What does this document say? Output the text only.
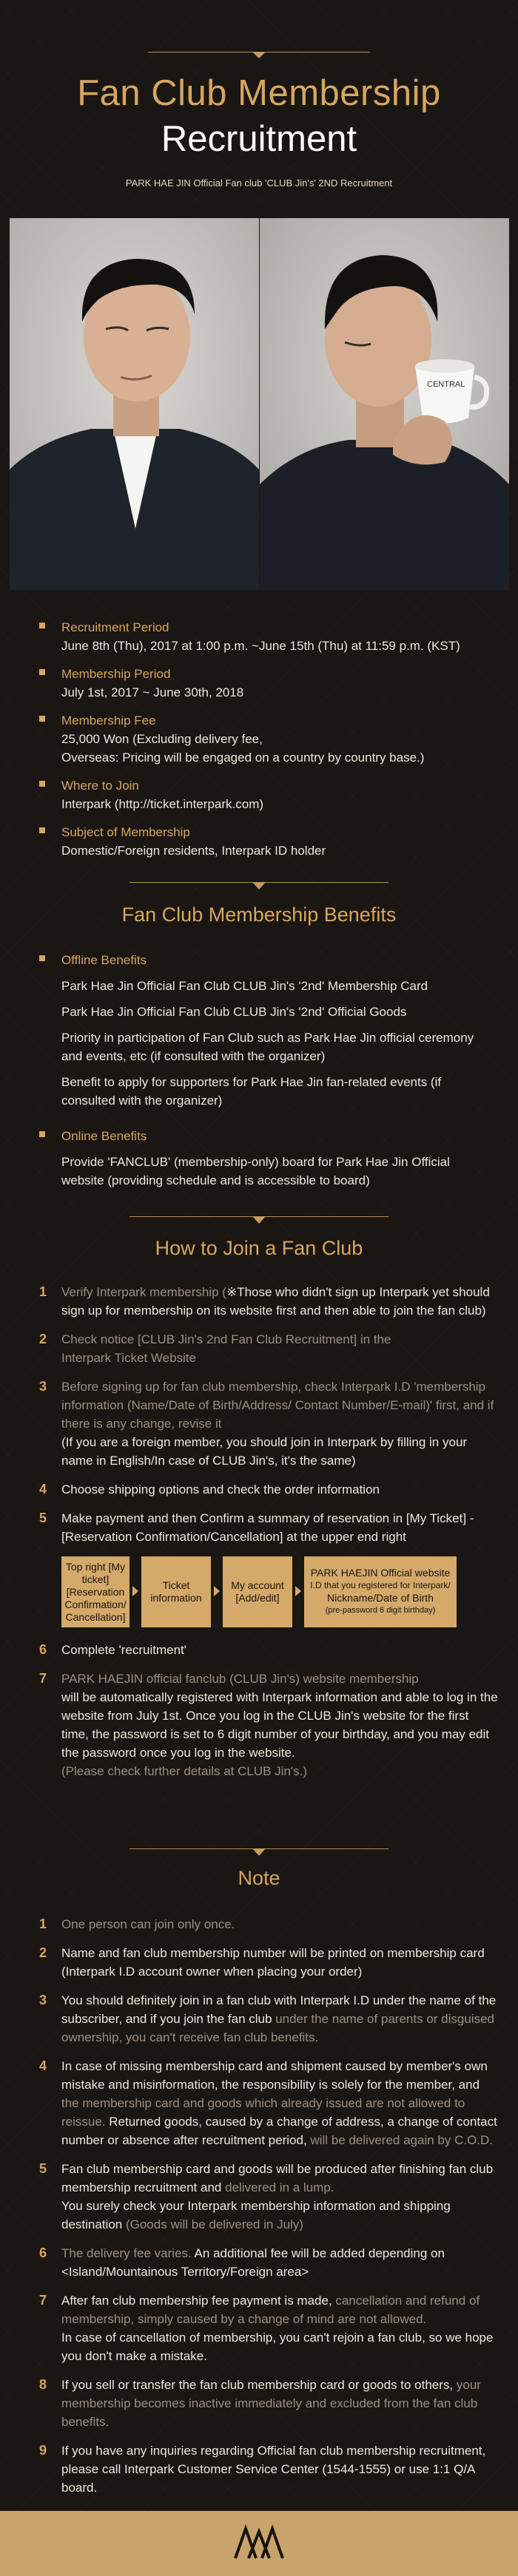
Fan Club Membership
Recruitment
PARK HAE JIN Official Fan club 'CLUB Jin's' 2ND Recruitment
CENTRAL
Recruitment Period
June 8th (Thu), 2017 at 1:00 p.m. ~June 15th (Thu) at 11:59 p.m. (KST)
Membership Period
July 1st, 2017 ~ June 30th, 2018
Membership Fee
25,000 Won (Excluding delivery fee,
Overseas: Pricing will be engaged on a country by country base.)
Where to Join
Interpark (http://ticket.interpark.com)
Subject of Membership
Domestic/Foreign residents, Interpark ID holder
Fan Club Membership Benefits
Offline Benefits
Park Hae Jin Official Fan Club CLUB Jin's '2nd' Membership Card
Park Hae Jin Official Fan Club CLUB Jin's '2nd' Official Goods
Priority in participation of Fan Club such as Park Hae Jin official ceremony and events, etc (if consulted with the organizer)
Benefit to apply for supporters for Park Hae Jin fan-related events (if consulted with the organizer)
Online Benefits
Provide 'FANCLUB' (membership-only) board for Park Hae Jin Official website (providing schedule and is accessible to board)
How to Join a Fan Club
1 Verify Interpark membership (※Those who didn't sign up Interpark yet should sign up for membership on its website first and then able to join the fan club)
2 Check notice [CLUB Jin's 2nd Fan Club Recruitment] in the
Interpark Ticket Website
3 Before signing up for fan club membership, check Interpark I.D 'membership information (Name/Date of Birth/Address/ Contact Number/E-mail)' first, and if there is any change, revise it
(If you are a foreign member, you should join in Interpark by filling in your name in English/In case of CLUB Jin's, it's the same)
4 Choose shipping options and check the order information
5 Make payment and then Confirm a summary of reservation in [My Ticket] -[Reservation Confirmation/Cancellation] at the upper end right
Top right [My ticket] [Reservation Confirmation/ Cancellation]
Ticket information
My account [Add/edit]
PARK HAEJIN Official website
I.D that you registered for Interpark/
Nickname/Date of Birth
(pre-password 6 digit birthday)
6 Complete 'recruitment'
7 PARK HAEJIN official fanclub (CLUB Jin's) website membership
will be automatically registered with Interpark information and able to log in the website from July 1st. Once you log in the CLUB Jin's website for the first time, the password is set to 6 digit number of your birthday, and you may edit the password once you log in the website.
(Please check further details at CLUB Jin's.)
Note
1 One person can join only once.
2 Name and fan club membership number will be printed on membership card (Interpark I.D account owner when placing your order)
3 You should definitely join in a fan club with Interpark I.D under the name of the subscriber, and if you join the fan club under the name of parents or disguised ownership, you can't receive fan club benefits.
4 In case of missing membership card and shipment caused by member's own mistake and misinformation, the responsibility is solely for the member, and the membership card and goods which already issued are not allowed to reissue. Returned goods, caused by a change of address, a change of contact number or absence after recruitment period, will be delivered again by C.O.D.
5 Fan club membership card and goods will be produced after finishing fan club membership recruitment and delivered in a lump.
You surely check your Interpark membership information and shipping destination (Goods will be delivered in July)
6 The delivery fee varies. An additional fee will be added depending on <Island/Mountainous Territory/Foreign area>
7 After fan club membership fee payment is made, cancellation and refund of membership, simply caused by a change of mind are not allowed.
In case of cancellation of membership, you can't rejoin a fan club, so we hope you don't make a mistake.
8 If you sell or transfer the fan club membership card or goods to others, your membership becomes inactive immediately and excluded from the fan club benefits.
9 If you have any inquiries regarding Official fan club membership recruitment, please call Interpark Customer Service Center (1544-1555) or use 1:1 Q/A board.
